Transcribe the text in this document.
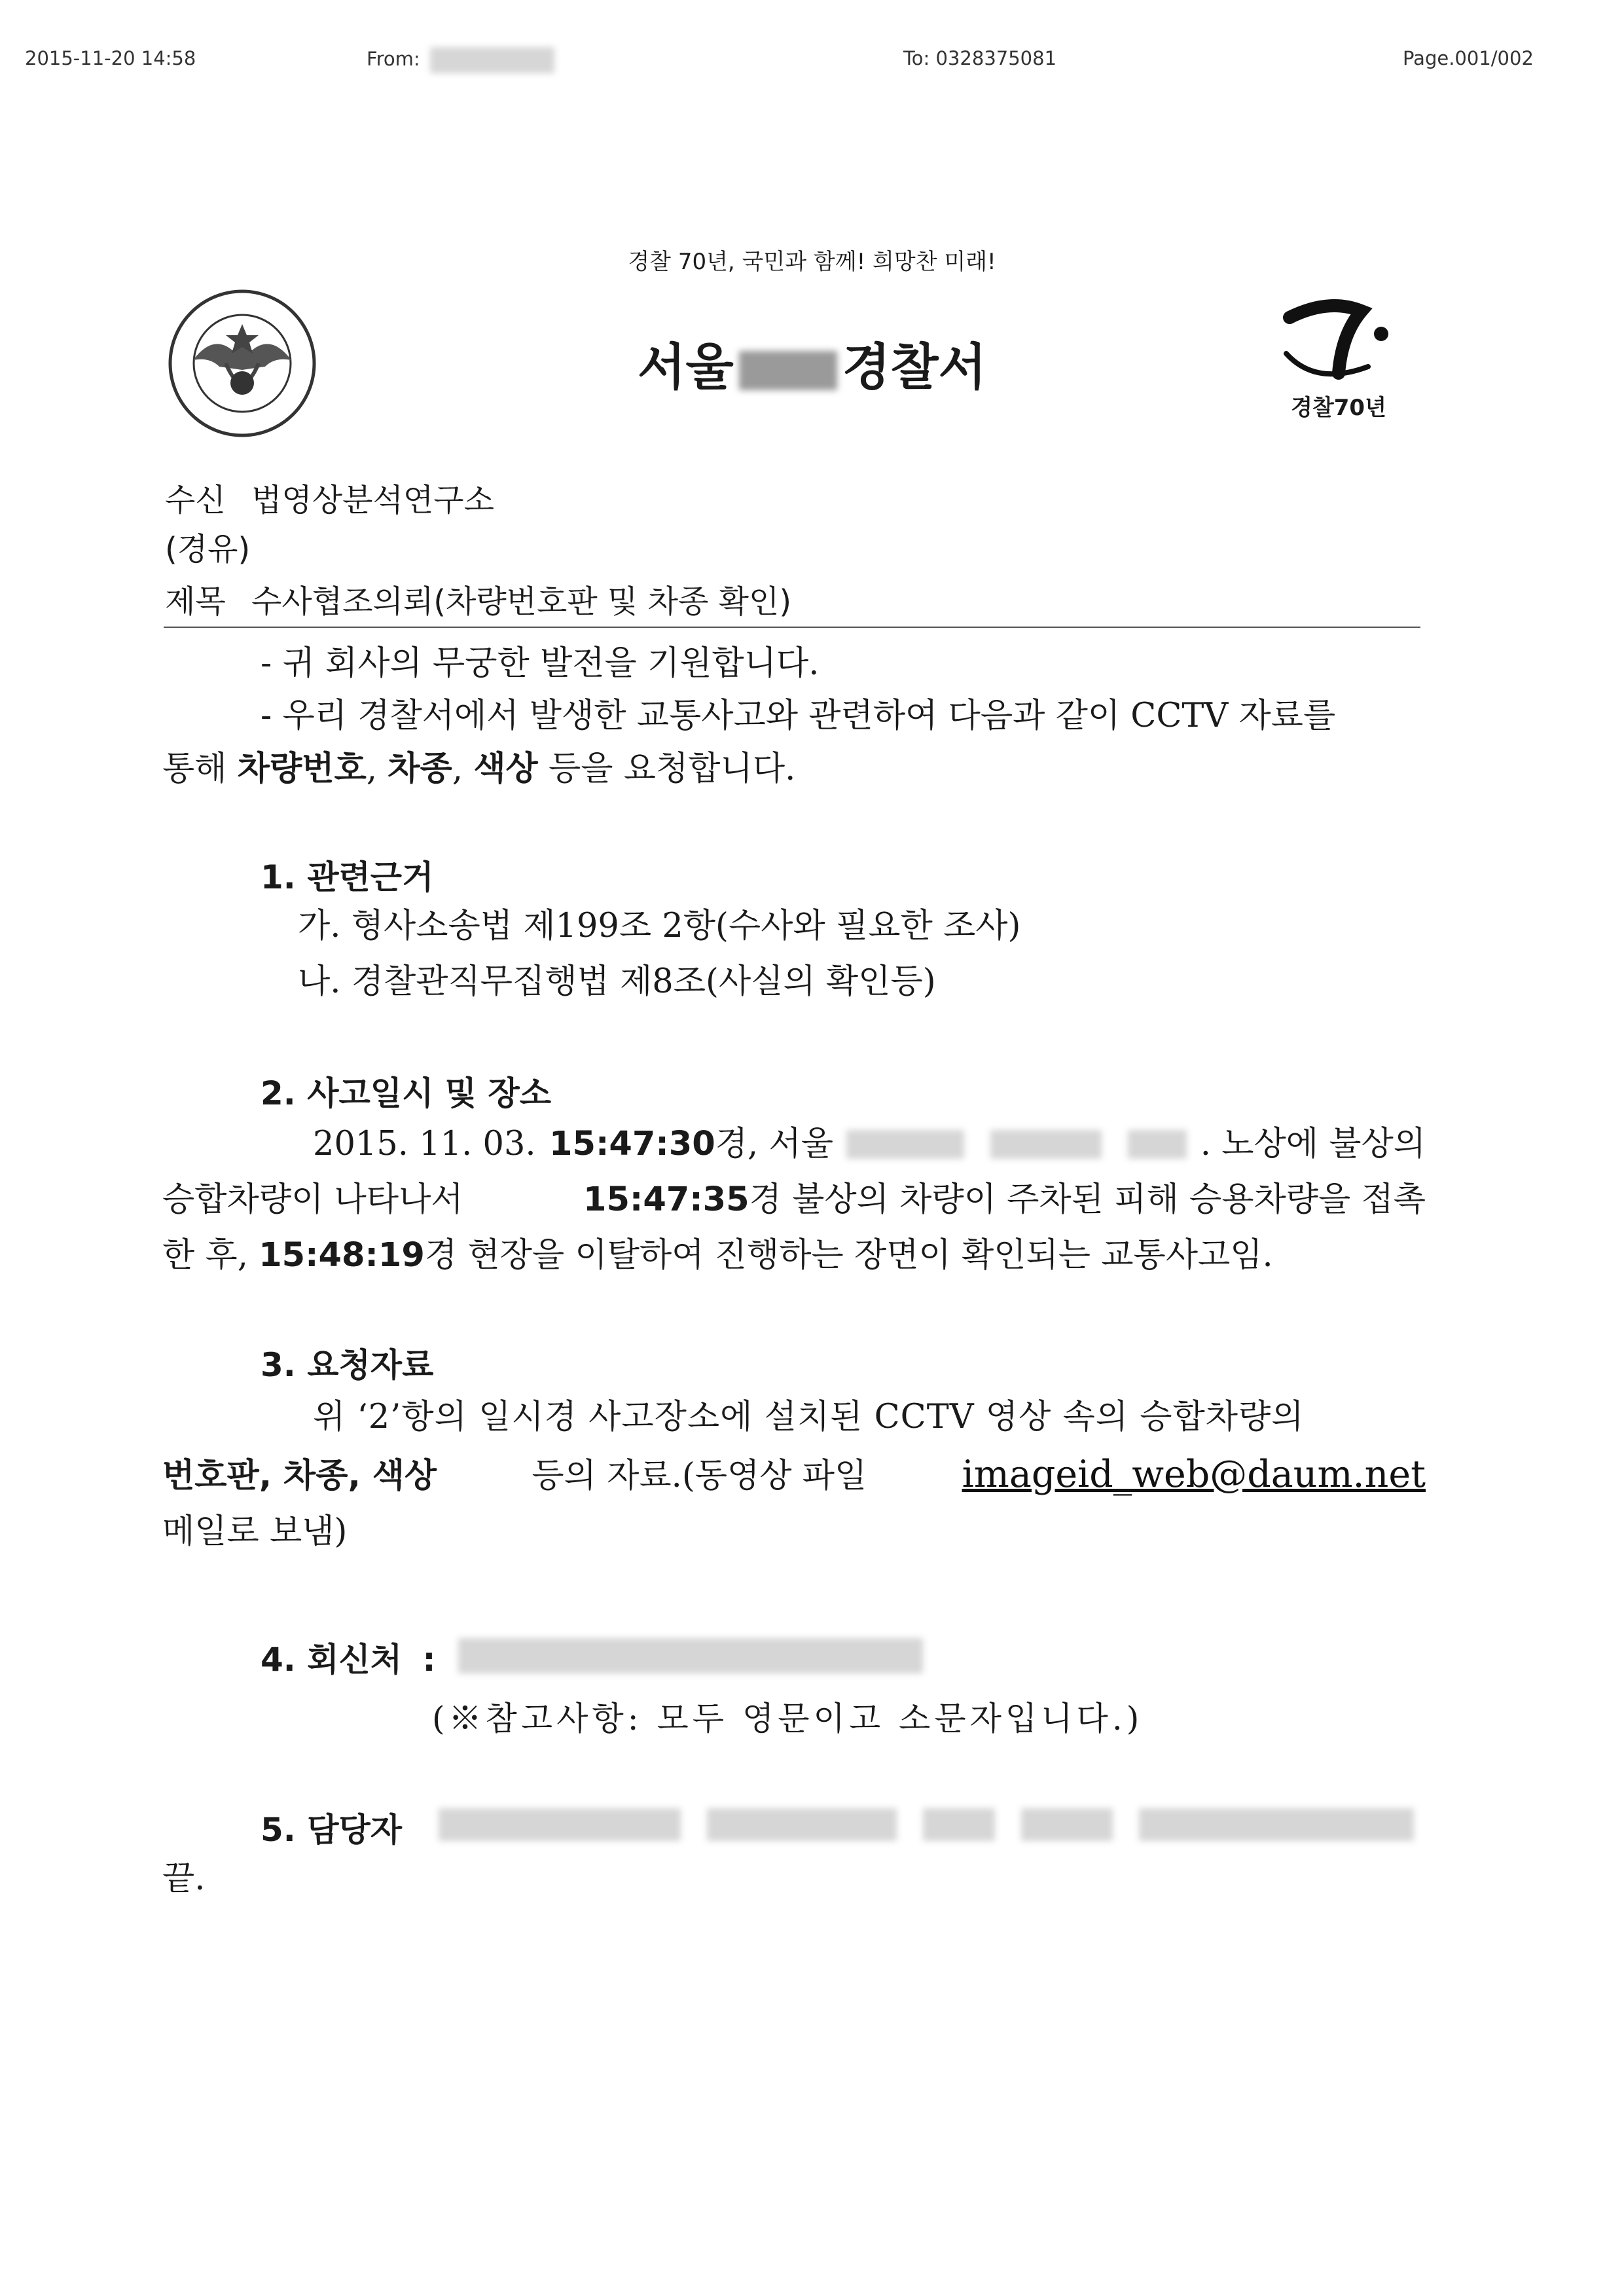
2015-11-20 14:58	From:	To: 0328375081	Page.001/002
경찰 70년, 국민과 함께! 희망찬 미래!
서울 경찰서
경찰70년
수신 법영상분석연구소
(경유)
제목 수사협조의뢰(차량번호판 및 차종 확인)
- 귀 회사의 무궁한 발전을 기원합니다.
- 우리 경찰서에서 발생한 교통사고와 관련하여 다음과 같이 CCTV 자료를
통해 차량번호, 차종, 색상 등을 요청합니다.
1. 관련근거
가. 형사소송법 제199조 2항(수사와 필요한 조사)
나. 경찰관직무집행법 제8조(사실의 확인등)
2. 사고일시 및 장소
2015. 11. 03. 15:47:30경, 서울	. 노상에 불상의
승합차량이 나타나서	15:47:35경 불상의 차량이 주차된 피해 승용차량을 접촉
한 후, 15:48:19경 현장을 이탈하여 진행하는 장면이 확인되는 교통사고임.
3. 요청자료
위 ‘2’항의 일시경 사고장소에 설치된 CCTV 영상 속의 승합차량의
번호판, 차종, 색상	등의 자료.(동영상 파일	imageid_web@daum.net
메일로 보냄)
4. 회신처 :
(※참고사항: 모두 영문이고 소문자입니다.)
5. 담당자
끝.
